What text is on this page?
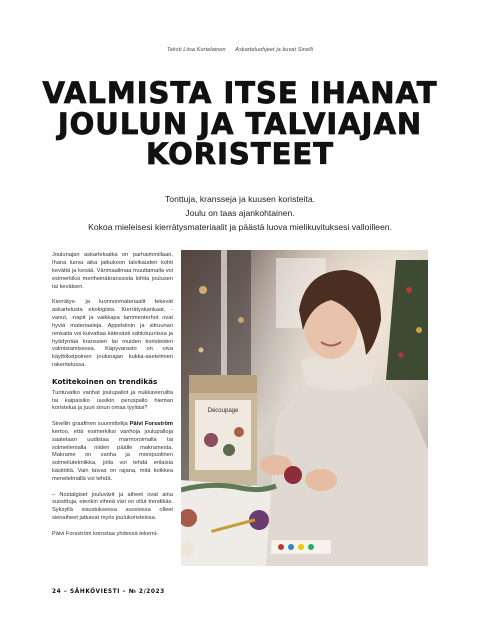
Teksti Liisa Kortelainen Askarteluohjeet ja kuvat Sinelli
VALMISTA ITSE IHANAT
JOULUN JA TALVIAJAN
KORISTEET
Tonttuja, kransseja ja kuusen koristeita.
Joulu on taas ajankohtainen.
Kokoa mieleisesi kierrätysmateriaalit ja päästä luova mielikuvituksesi valloilleen.

Joulunajan askarteluaika on parhaimmillaan. Ihana luova aika jatkukoon talvikauden kohti kevättä ja kesää. Värimaailmaa muuttamalla voi esimerkiksi meriheinäkranssista lohtia joulusen tai kevätsen.

Kierrätys- ja luonnonmateriaalit tekevät askartelusta ekologista. Kierrätyskankaat, -vanut, -napit ja vaikkapa tammenterhot ovat hyviä materiaaleja. Appelsiinin ja sitruunan renkaita voi kuivattaa kätevästi sähköuunissa ja hyödyntää kranssien tai muiden koristeiden valmistamisessa. Käpyvarasto on oiva käyttökelpoinen joulunajan kukka-asetelmien rakentelussa.

Kotitekoinen on trendikäs

Tuntuvatko vanhat joulupallot ja nukkavieruilta tai kaipaisiko uusikin peruspallo hieman koristelua ja juuri sinun omaa tyyliäsi?

Sinellin graafinen suunnittelija Päivi Forsström kertoo, että esimerkiksi vanhoja joulupalloja saatetaan uudistaa marmoroimalla tai solmeilemalla niiden päälle makramesta. Makrame on vanha ja monipuolinen solmeilutekniikka, jolla voi tehdä erilaisia käsitöitä. Vain taivas on rajana, mitä koikkea menetelmällä voi tehdä.

– Nostalgiset jouluvärit ja aiheet ovat aina suosittuja, etenkin vihreä väri on ollut trendikäs. Syksyllä sisustuksessa suosiossa olleet sienaiheet jatkavat myös joulukoristeissa.

Päivi Forsström korostaa yhdessä tekemi-

Découpage
24 – SÄHKÖVIESTI – № 2/2023
